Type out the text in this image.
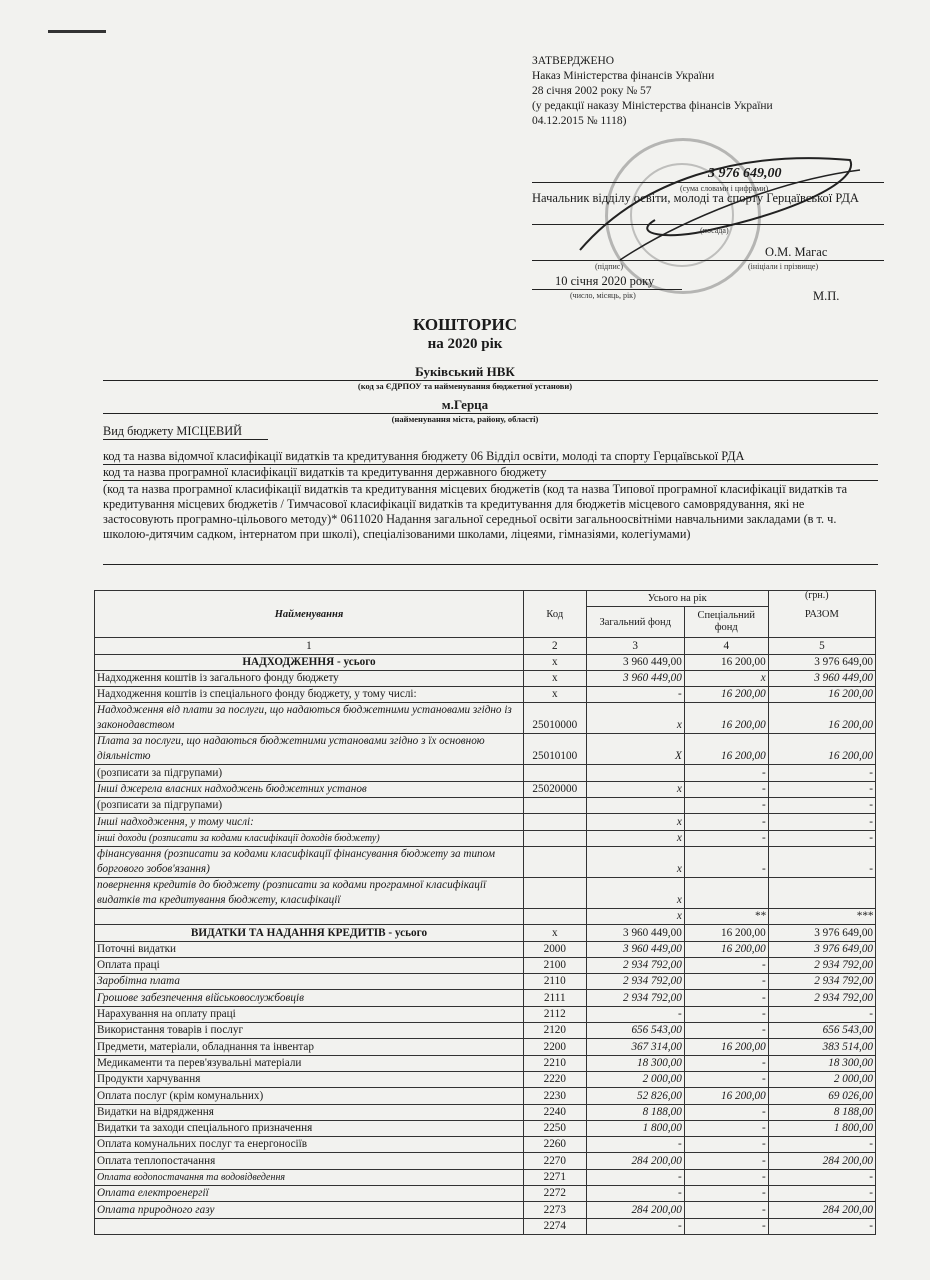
ЗАТВЕРДЖЕНО
Наказ Міністерства фінансів України
28 січня 2002 року № 57
(у редакції наказу Міністерства фінансів України
04.12.2015 № 1118)
3 976 649,00
(сума словами і цифрами)
Начальник відділу освіти, молоді та спорту Герцаївської РДА
(посада)
О.М. Магас
(підпис)	(ініціали і прізвище)
10 січня 2020 року
(число, місяць, рік)	М.П.
КОШТОРИС
на 2020 рік
Буківський НВК
(код за ЄДРПОУ та найменування бюджетної установи)
м.Герца
(найменування міста, району, області)
Вид бюджету МІСЦЕВИЙ
код та назва відомчої класифікації видатків та кредитування бюджету 06 Відділ освіти, молоді та спорту Герцаївської РДА
код та назва програмної класифікації видатків та кредитування державного бюджету
(код та назва програмної класифікації видатків та кредитування місцевих бюджетів (код та назва Типової програмної класифікації видатків та кредитування місцевих бюджетів / Тимчасової класифікації видатків та кредитування для бюджетів місцевого самоврядування, які не застосовують програмно-цільового методу)* 0611020 Надання загальної середньої освіти загальноосвітніми навчальними закладами (в т. ч. школою-дитячим садком, інтернатом при школі), спеціалізованими школами, ліцеями, гімназіями, колегіумами)
(грн.)
Найменування	Код	Усього на рік		РАЗОМ
		Загальний фонд	Спеціальний фонд	
1	2	3	4	5
НАДХОДЖЕННЯ - усього	х	3 960 449,00	16 200,00	3 976 649,00
Надходження коштів із загального фонду бюджету	х	3 960 449,00	х	3 960 449,00
Надходження коштів із спеціального фонду бюджету, у тому числі:	х	-	16 200,00	16 200,00
Надходження від плати за послуги, що надаються бюджетними установами згідно із законодавством	25010000	х	16 200,00	16 200,00
Плата за послуги, що надаються бюджетними установами згідно з їх основною діяльністю	25010100	Х	16 200,00	16 200,00
(розписати за підгрупами)			-	-
Інші джерела власних надходжень бюджетних установ	25020000	х	-	-
(розписати за підгрупами)			-	-
Інші надходження, у тому числі:		х	-	-
інші доходи (розписати за кодами класифікації доходів бюджету)		х	-	-
фінансування (розписати за кодами класифікації фінансування бюджету за типом боргового зобов'язання)		х	-	-
повернення кредитів до бюджету (розписати за кодами програмної класифікації видатків та кредитування бюджету, класифікації		х		
		х	**	***
ВИДАТКИ ТА НАДАННЯ КРЕДИТІВ - усього	х	3 960 449,00	16 200,00	3 976 649,00
Поточні видатки	2000	3 960 449,00	16 200,00	3 976 649,00
Оплата праці	2100	2 934 792,00	-	2 934 792,00
Заробітна плата	2110	2 934 792,00	-	2 934 792,00
Грошове забезпечення військовослужбовців	2111	2 934 792,00	-	2 934 792,00
Нарахування на оплату праці	2112	-	-	-
Використання товарів і послуг	2120	656 543,00	-	656 543,00
Предмети, матеріали, обладнання та інвентар	2200	367 314,00	16 200,00	383 514,00
Медикаменти та перев'язувальні матеріали	2210	18 300,00	-	18 300,00
Продукти харчування	2220	2 000,00	-	2 000,00
Оплата послуг (крім комунальних)	2230	52 826,00	16 200,00	69 026,00
Видатки на відрядження	2240	8 188,00	-	8 188,00
Видатки та заходи спеціального призначення	2250	1 800,00	-	1 800,00
Оплата комунальних послуг та енергоносіїв	2260	-	-	-
Оплата теплопостачання	2270	284 200,00	-	284 200,00
Оплата водопостачання та водовідведення	2271	-	-	-
Оплата електроенергії	2272	-	-	-
Оплата природного газу	2273	284 200,00	-	284 200,00
	2274	-	-	-
